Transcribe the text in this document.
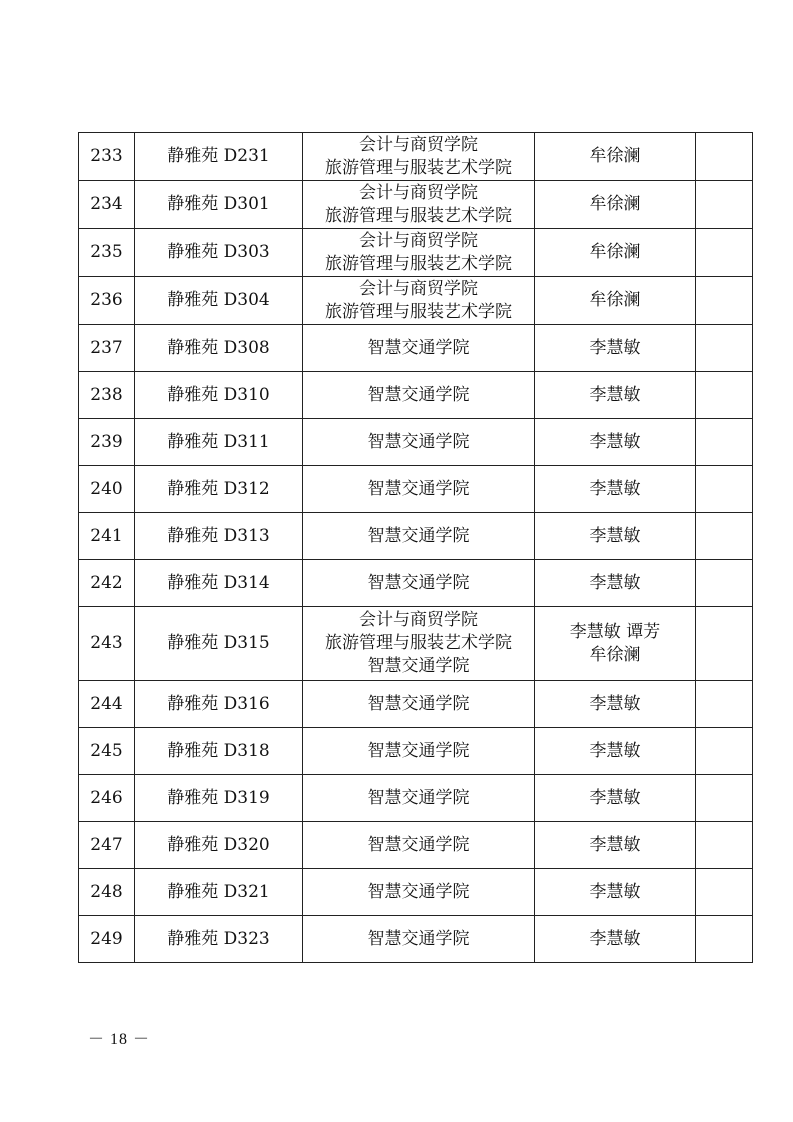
233	静雅苑 D231	会计与商贸学院
旅游管理与服装艺术学院	牟徐澜	

234	静雅苑 D301	会计与商贸学院
旅游管理与服装艺术学院	牟徐澜	

235	静雅苑 D303	会计与商贸学院
旅游管理与服装艺术学院	牟徐澜	

236	静雅苑 D304	会计与商贸学院
旅游管理与服装艺术学院	牟徐澜	

237	静雅苑 D308	智慧交通学院	李慧敏	

238	静雅苑 D310	智慧交通学院	李慧敏	

239	静雅苑 D311	智慧交通学院	李慧敏	

240	静雅苑 D312	智慧交通学院	李慧敏	

241	静雅苑 D313	智慧交通学院	李慧敏	

242	静雅苑 D314	智慧交通学院	李慧敏	

243	静雅苑 D315	会计与商贸学院
旅游管理与服装艺术学院
智慧交通学院	李慧敏 谭芳
牟徐澜	

244	静雅苑 D316	智慧交通学院	李慧敏	

245	静雅苑 D318	智慧交通学院	李慧敏	

246	静雅苑 D319	智慧交通学院	李慧敏	

247	静雅苑 D320	智慧交通学院	李慧敏	

248	静雅苑 D321	智慧交通学院	李慧敏	

249	静雅苑 D323	智慧交通学院	李慧敏	

－ 18 －
